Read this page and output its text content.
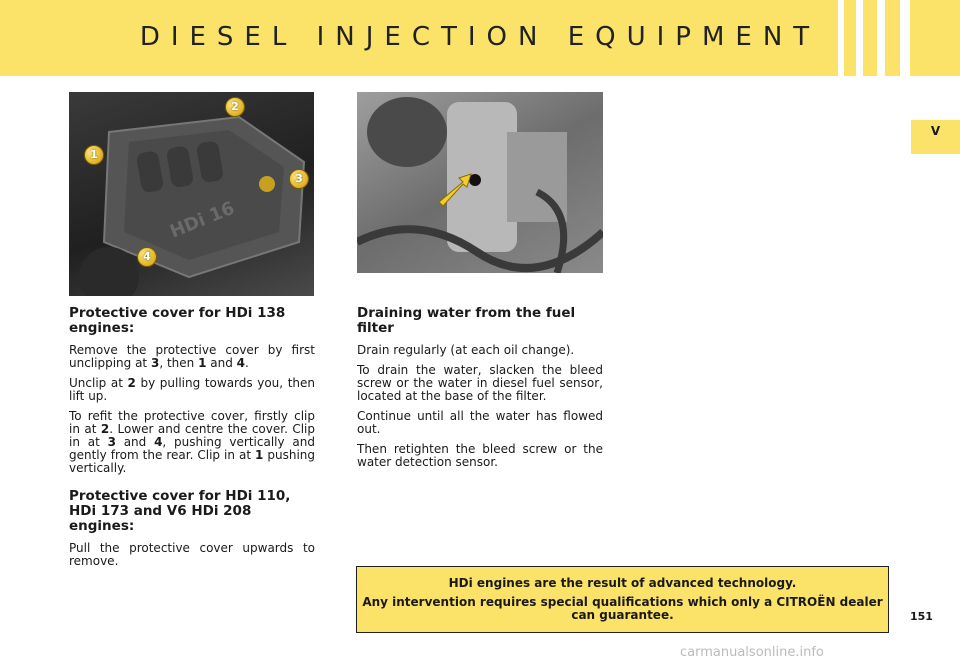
DIESEL INJECTION EQUIPMENT
V
HDi 16
1
2
3
4
Protective cover for HDi 138 engines:

Remove the protective cover by first unclipping at 3, then 1 and 4.

Unclip at 2 by pulling towards you, then lift up.

To refit the protective cover, firstly clip in at 2. Lower and centre the cover. Clip in at 3 and 4, pushing vertically and gently from the rear. Clip in at 1 pushing vertically.

Protective cover for HDi 110, HDi 173 and V6 HDi 208 engines:

Pull the protective cover upwards to remove.

Draining water from the fuel filter

Drain regularly (at each oil change).

To drain the water, slacken the bleed screw or the water in diesel fuel sensor, located at the base of the filter.

Continue until all the water has flowed out.

Then retighten the bleed screw or the water detection sensor.

HDi engines are the result of advanced technology.

Any intervention requires special qualifications which only a CITROËN dealer can guarantee.	151
carmanualsonline.info
